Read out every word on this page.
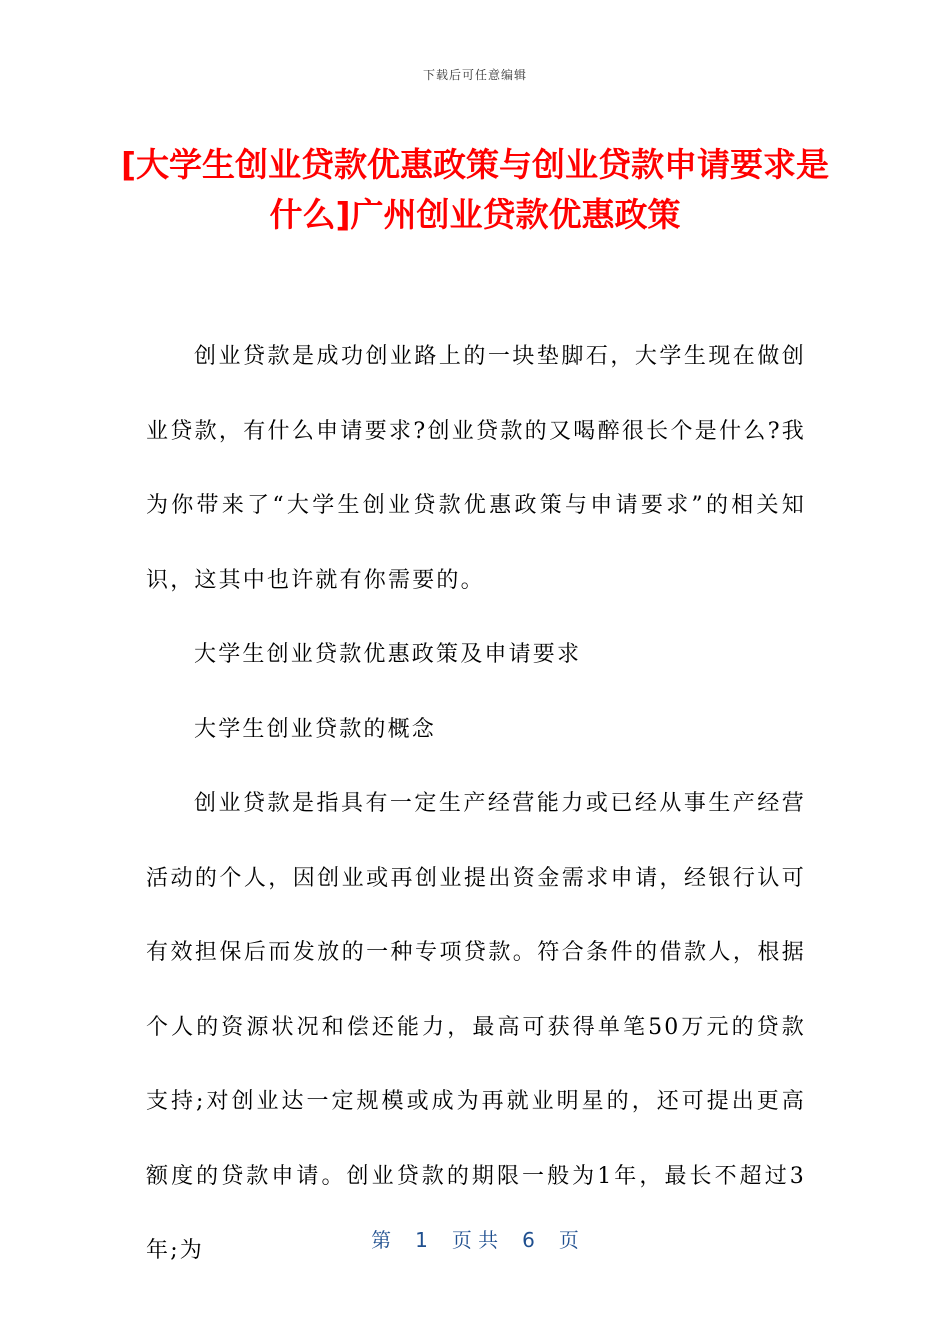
下载后可任意编辑
[大学生创业贷款优惠政策与创业贷款申请要求是什么]广州创业贷款优惠政策

创业贷款是成功创业路上的一块垫脚石，大学生现在做创业贷款，有什么申请要求?创业贷款的又喝醉很长个是什么?我为你带来了“大学生创业贷款优惠政策与申请要求”的相关知识，这其中也许就有你需要的。

大学生创业贷款优惠政策及申请要求

大学生创业贷款的概念

创业贷款是指具有一定生产经营能力或已经从事生产经营活动的个人，因创业或再创业提出资金需求申请，经银行认可有效担保后而发放的一种专项贷款。符合条件的借款人，根据个人的资源状况和偿还能力，最高可获得单笔50万元的贷款支持;对创业达一定规模或成为再就业明星的，还可提出更高额度的贷款申请。创业贷款的期限一般为1年，最长不超过3年;为	第 1 页 共 6 页
